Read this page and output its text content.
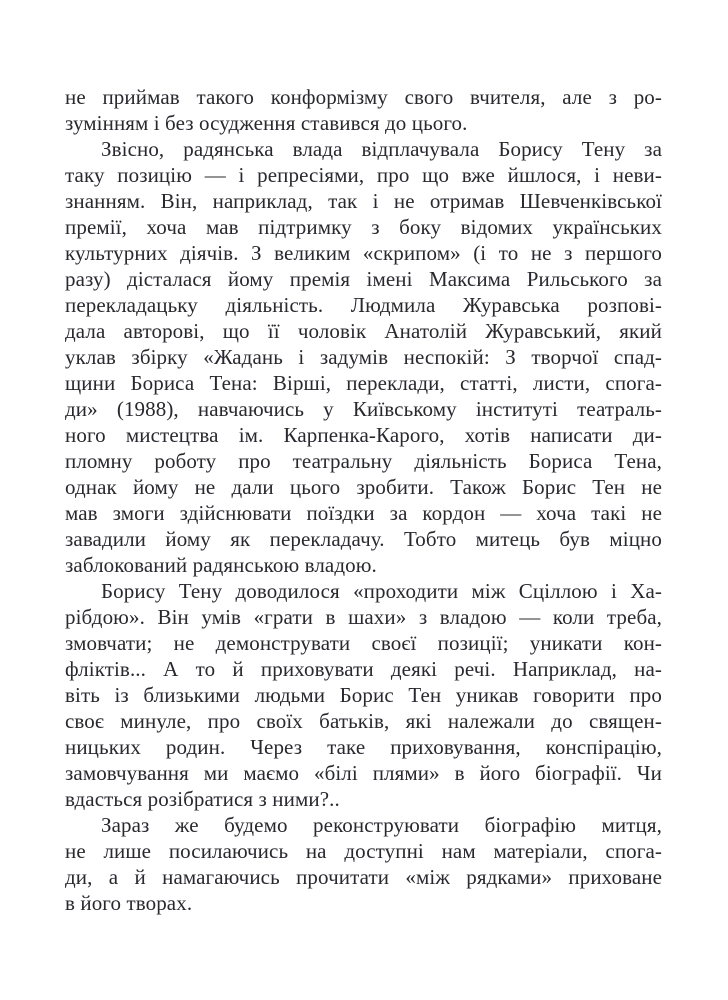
не приймав такого конформізму свого вчителя, але з ро-
зумінням і без осудження ставився до цього.
Звісно, радянська влада відплачувала Борису Тену за
таку позицію — і репресіями, про що вже йшлося, і неви-
знанням. Він, наприклад, так і не отримав Шевченківської
премії, хоча мав підтримку з боку відомих українських
культурних діячів. З великим «скрипом» (і то не з першого
разу) дісталася йому премія імені Максима Рильського за
перекладацьку діяльність. Людмила Журавська розпові-
дала авторові, що її чоловік Анатолій Журавський, який
уклав збірку «Жадань і задумів неспокій: З творчої спад-
щини Бориса Тена: Вірші, переклади, статті, листи, спога-
ди» (1988), навчаючись у Київському інституті театраль-
ного мистецтва ім. Карпенка-Карого, хотів написати ди-
пломну роботу про театральну діяльність Бориса Тена,
однак йому не дали цього зробити. Також Борис Тен не
мав змоги здійснювати поїздки за кордон — хоча такі не
завадили йому як перекладачу. Тобто митець був міцно
заблокований радянською владою.
Борису Тену доводилося «проходити між Сціллою і Ха-
рібдою». Він умів «грати в шахи» з владою — коли треба,
змовчати; не демонструвати своєї позиції; уникати кон-
фліктів... А то й приховувати деякі речі. Наприклад, на-
віть із близькими людьми Борис Тен уникав говорити про
своє минуле, про своїх батьків, які належали до священ-
ницьких родин. Через таке приховування, конспірацію,
замовчування ми маємо «білі плями» в його біографії. Чи
вдасться розібратися з ними?..
Зараз же будемо реконструювати біографію митця,
не лише посилаючись на доступні нам матеріали, спога-
ди, а й намагаючись прочитати «між рядками» приховане
в його творах.
